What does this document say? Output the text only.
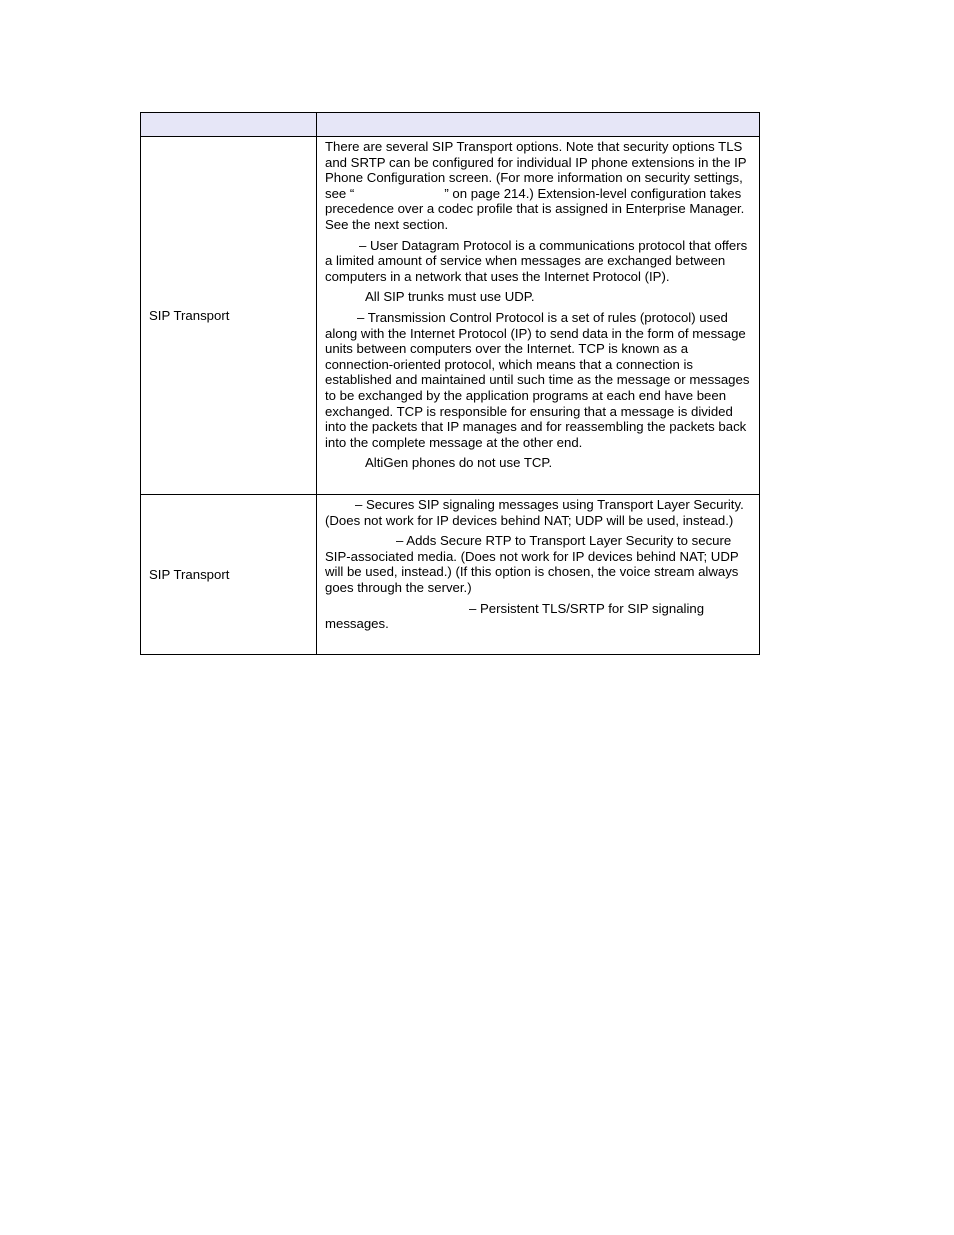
SIP Transport	There are several SIP Transport options. Note that security options TLS and SRTP can be configured for individual IP phone extensions in the IP Phone Configuration screen. (For more information on security settings, see “ ” on page 214.) Extension-level configuration takes precedence over a codec profile that is assigned in Enterprise Manager. See the next section.

– User Datagram Protocol is a communications protocol that offers a limited amount of service when messages are exchanged between computers in a network that uses the Internet Protocol (IP).

All SIP trunks must use UDP.

– Transmission Control Protocol is a set of rules (protocol) used along with the Internet Protocol (IP) to send data in the form of message units between computers over the Internet. TCP is known as a connection-oriented protocol, which means that a connection is established and maintained until such time as the message or messages to be exchanged by the application programs at each end have been exchanged. TCP is responsible for ensuring that a message is divided into the packets that IP manages and for reassembling the packets back into the complete message at the other end.

AltiGen phones do not use TCP.

SIP Transport	– Secures SIP signaling messages using Transport Layer Security. (Does not work for IP devices behind NAT; UDP will be used, instead.)

– Adds Secure RTP to Transport Layer Security to secure SIP-associated media. (Does not work for IP devices behind NAT; UDP will be used, instead.) (If this option is chosen, the voice stream always goes through the server.)

– Persistent TLS/SRTP for SIP signaling messages.
